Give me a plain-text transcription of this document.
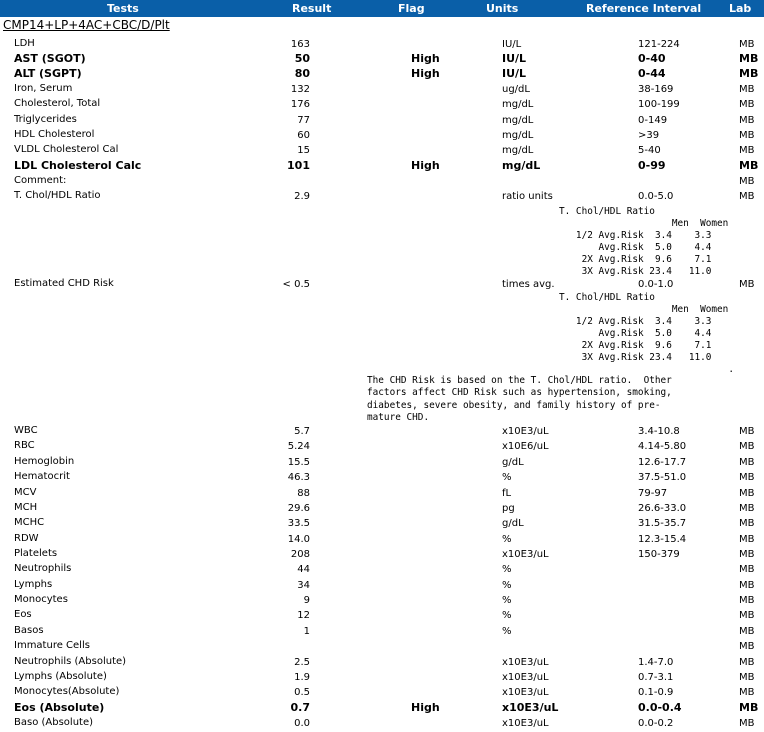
Tests	Result	Flag	Units	Reference Interval	Lab
CMP14+LP+4AC+CBC/D/Plt
LDH	163	IU/L	121-224	MB
AST (SGOT)	50	High	IU/L	0-40	MB
ALT (SGPT)	80	High	IU/L	0-44	MB
Iron, Serum	132	ug/dL	38-169	MB
Cholesterol, Total	176	mg/dL	100-199	MB
Triglycerides	77	mg/dL	0-149	MB
HDL Cholesterol	60	mg/dL	>39	MB
VLDL Cholesterol Cal	15	mg/dL	5-40	MB
LDL Cholesterol Calc	101	High	mg/dL	0-99	MB
Comment:	MB
T. Chol/HDL Ratio	2.9	ratio units	0.0-5.0	MB
Estimated CHD Risk	< 0.5	times avg.	0.0-1.0	MB
WBC	5.7	x10E3/uL	3.4-10.8	MB
RBC	5.24	x10E6/uL	4.14-5.80	MB
Hemoglobin	15.5	g/dL	12.6-17.7	MB
Hematocrit	46.3	%	37.5-51.0	MB
MCV	88	fL	79-97	MB
MCH	29.6	pg	26.6-33.0	MB
MCHC	33.5	g/dL	31.5-35.7	MB
RDW	14.0	%	12.3-15.4	MB
Platelets	208	x10E3/uL	150-379	MB
Neutrophils	44	%	MB
Lymphs	34	%	MB
Monocytes	9	%	MB
Eos	12	%	MB
Basos	1	%	MB
Immature Cells	MB
Neutrophils (Absolute)	2.5	x10E3/uL	1.4-7.0	MB
Lymphs (Absolute)	1.9	x10E3/uL	0.7-3.1	MB
Monocytes(Absolute)	0.5	x10E3/uL	0.1-0.9	MB
Eos (Absolute)	0.7	High	x10E3/uL	0.0-0.4	MB
Baso (Absolute)	0.0	x10E3/uL	0.0-0.2	MB
T. Chol/HDL Ratio
Men  Women
1/2 Avg.Risk  3.4    3.3
Avg.Risk  5.0    4.4
2X Avg.Risk  9.6    7.1
3X Avg.Risk 23.4   11.0
T. Chol/HDL Ratio
Men  Women
1/2 Avg.Risk  3.4    3.3
Avg.Risk  5.0    4.4
2X Avg.Risk  9.6    7.1
3X Avg.Risk 23.4   11.0
.
The CHD Risk is based on the T. Chol/HDL ratio.  Other
factors affect CHD Risk such as hypertension, smoking,
diabetes, severe obesity, and family history of pre-
mature CHD.
